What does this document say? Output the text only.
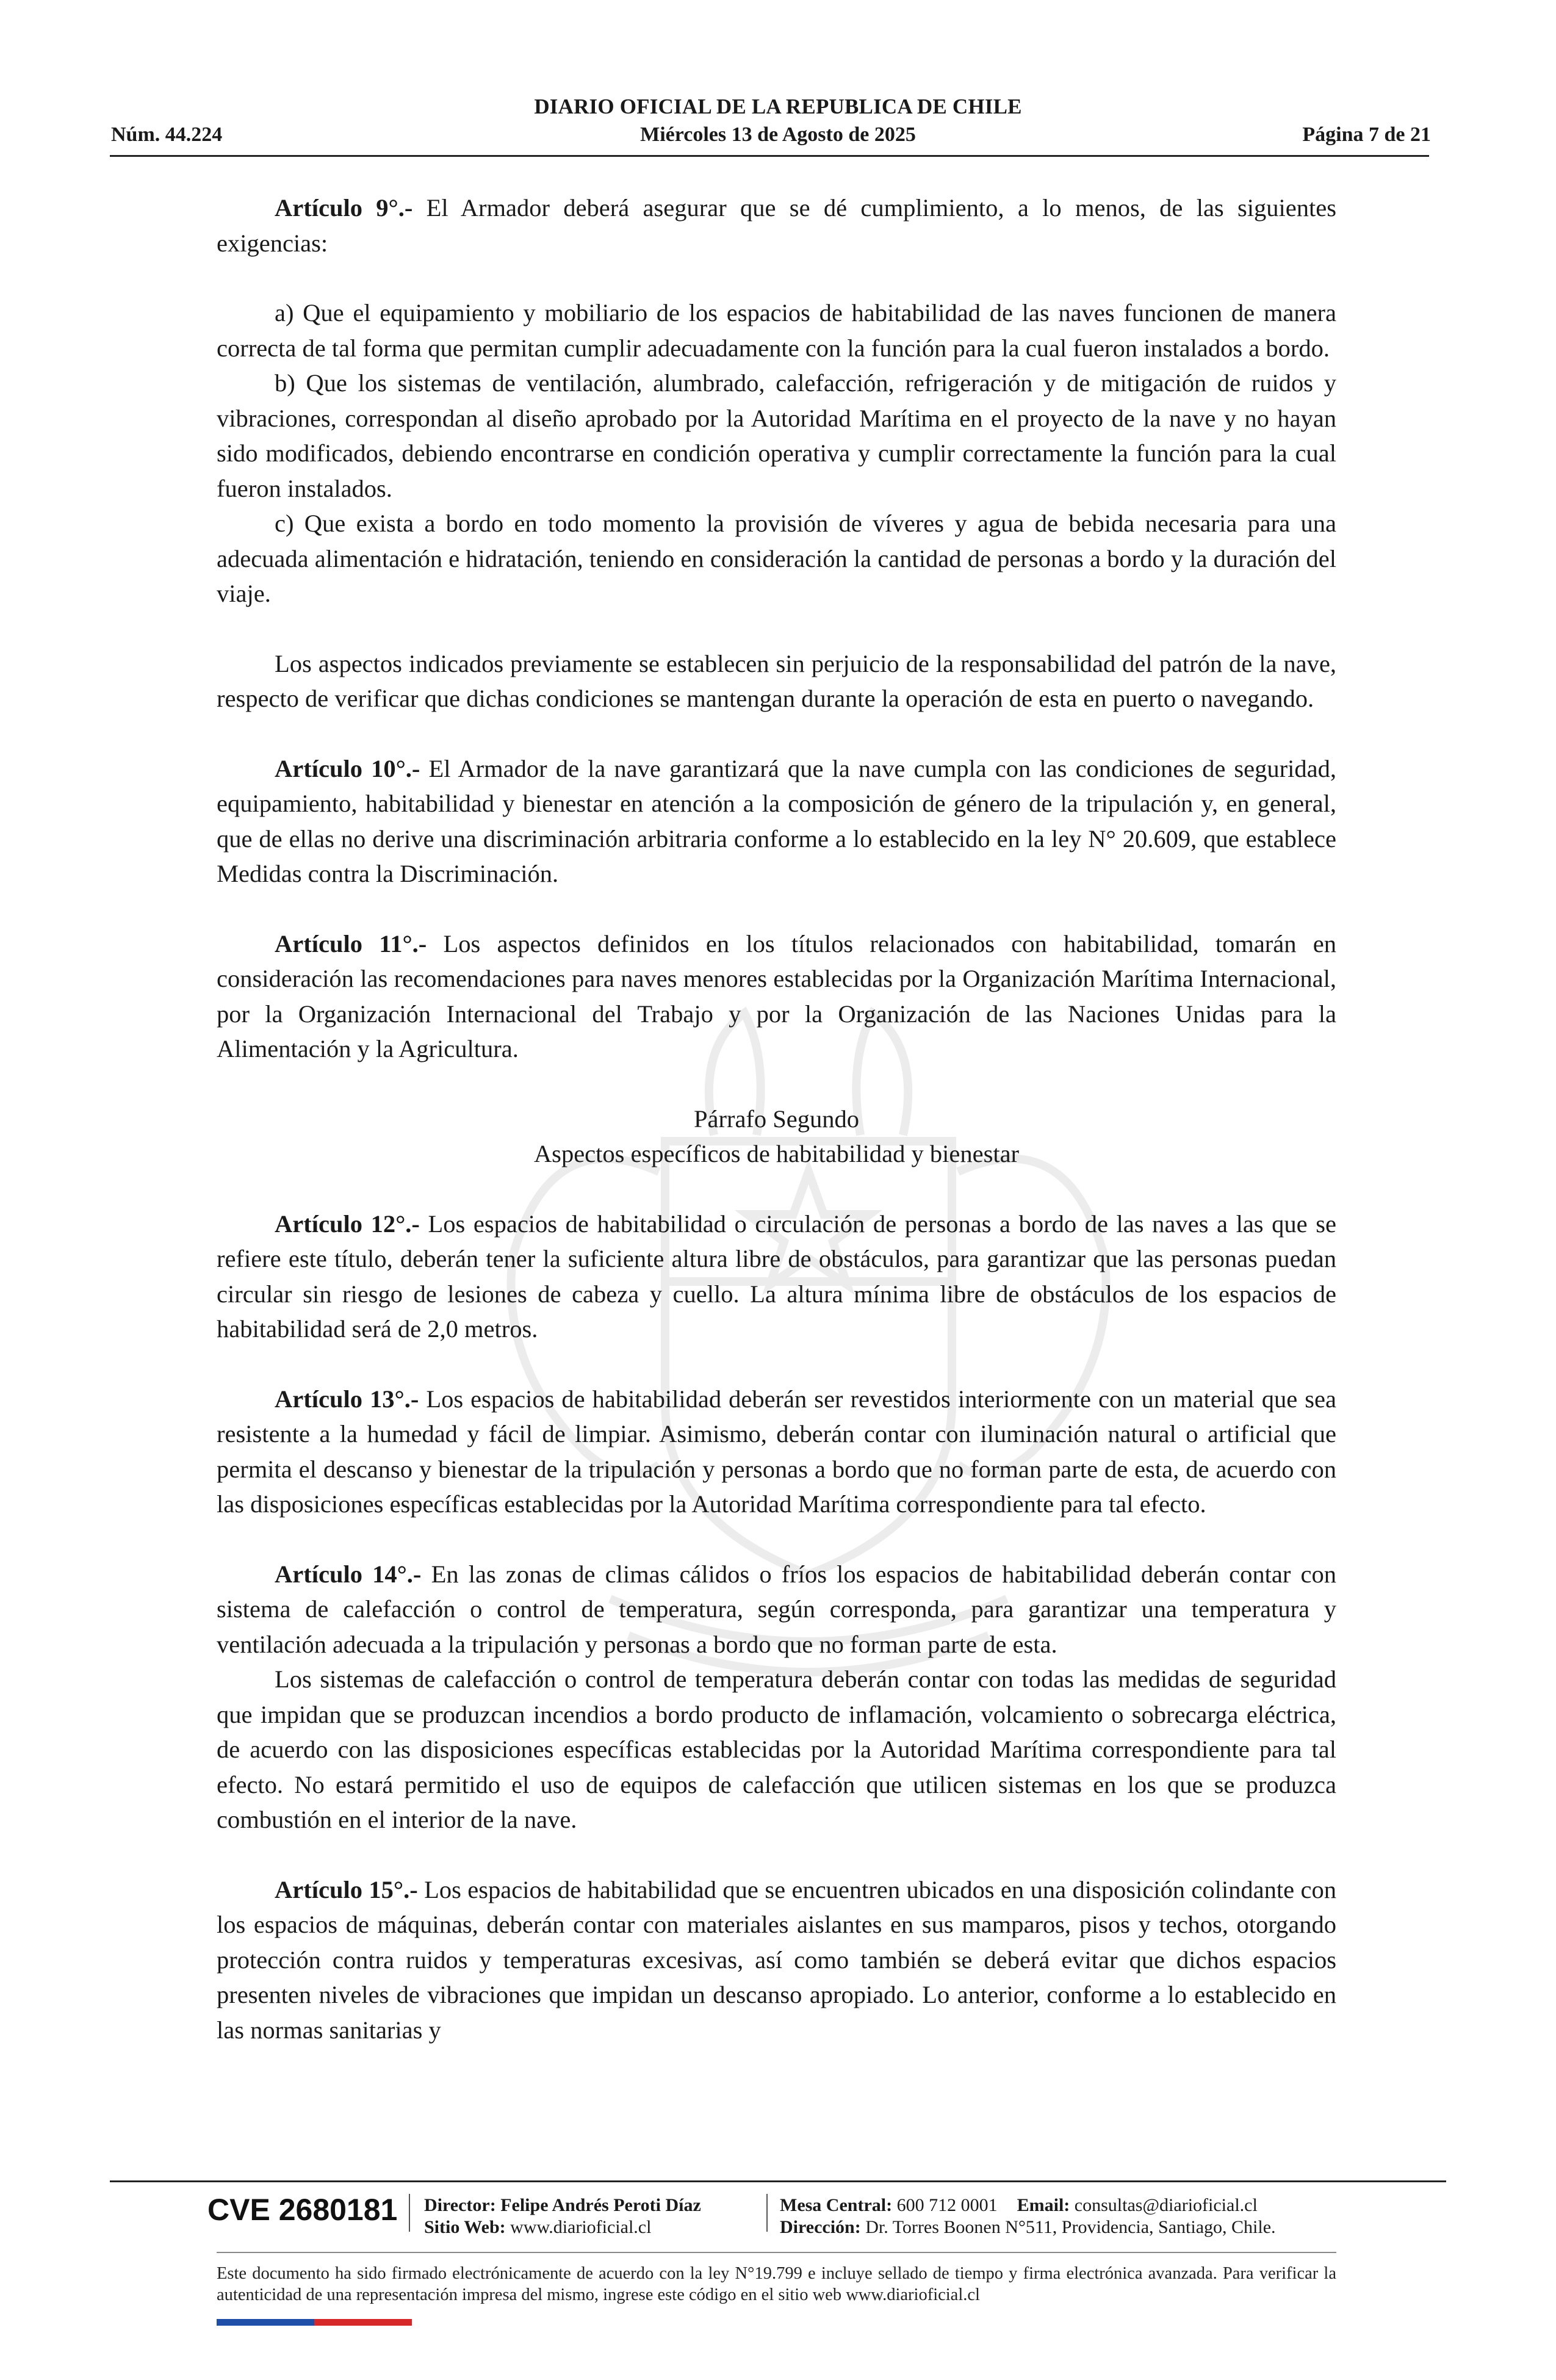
DIARIO OFICIAL DE LA REPUBLICA DE CHILE
Núm. 44.224	Miércoles 13 de Agosto de 2025	Página 7 de 21

Artículo 9°.- El Armador deberá asegurar que se dé cumplimiento, a lo menos, de las siguientes exigencias:

a) Que el equipamiento y mobiliario de los espacios de habitabilidad de las naves funcionen de manera correcta de tal forma que permitan cumplir adecuadamente con la función para la cual fueron instalados a bordo.

b) Que los sistemas de ventilación, alumbrado, calefacción, refrigeración y de mitigación de ruidos y vibraciones, correspondan al diseño aprobado por la Autoridad Marítima en el proyecto de la nave y no hayan sido modificados, debiendo encontrarse en condición operativa y cumplir correctamente la función para la cual fueron instalados.

c) Que exista a bordo en todo momento la provisión de víveres y agua de bebida necesaria para una adecuada alimentación e hidratación, teniendo en consideración la cantidad de personas a bordo y la duración del viaje.

Los aspectos indicados previamente se establecen sin perjuicio de la responsabilidad del patrón de la nave, respecto de verificar que dichas condiciones se mantengan durante la operación de esta en puerto o navegando.

Artículo 10°.- El Armador de la nave garantizará que la nave cumpla con las condiciones de seguridad, equipamiento, habitabilidad y bienestar en atención a la composición de género de la tripulación y, en general, que de ellas no derive una discriminación arbitraria conforme a lo establecido en la ley N° 20.609, que establece Medidas contra la Discriminación.

Artículo 11°.- Los aspectos definidos en los títulos relacionados con habitabilidad, tomarán en consideración las recomendaciones para naves menores establecidas por la Organización Marítima Internacional, por la Organización Internacional del Trabajo y por la Organización de las Naciones Unidas para la Alimentación y la Agricultura.

Párrafo Segundo

Aspectos específicos de habitabilidad y bienestar

Artículo 12°.- Los espacios de habitabilidad o circulación de personas a bordo de las naves a las que se refiere este título, deberán tener la suficiente altura libre de obstáculos, para garantizar que las personas puedan circular sin riesgo de lesiones de cabeza y cuello. La altura mínima libre de obstáculos de los espacios de habitabilidad será de 2,0 metros.

Artículo 13°.- Los espacios de habitabilidad deberán ser revestidos interiormente con un material que sea resistente a la humedad y fácil de limpiar. Asimismo, deberán contar con iluminación natural o artificial que permita el descanso y bienestar de la tripulación y personas a bordo que no forman parte de esta, de acuerdo con las disposiciones específicas establecidas por la Autoridad Marítima correspondiente para tal efecto.

Artículo 14°.- En las zonas de climas cálidos o fríos los espacios de habitabilidad deberán contar con sistema de calefacción o control de temperatura, según corresponda, para garantizar una temperatura y ventilación adecuada a la tripulación y personas a bordo que no forman parte de esta.

Los sistemas de calefacción o control de temperatura deberán contar con todas las medidas de seguridad que impidan que se produzcan incendios a bordo producto de inflamación, volcamiento o sobrecarga eléctrica, de acuerdo con las disposiciones específicas establecidas por la Autoridad Marítima correspondiente para tal efecto. No estará permitido el uso de equipos de calefacción que utilicen sistemas en los que se produzca combustión en el interior de la nave.

Artículo 15°.- Los espacios de habitabilidad que se encuentren ubicados en una disposición colindante con los espacios de máquinas, deberán contar con materiales aislantes en sus mamparos, pisos y techos, otorgando protección contra ruidos y temperaturas excesivas, así como también se deberá evitar que dichos espacios presenten niveles de vibraciones que impidan un descanso apropiado. Lo anterior, conforme a lo establecido en las normas sanitarias y

CVE 2680181 Director: Felipe Andrés Peroti Díaz
Sitio Web: www.diarioficial.cl
Mesa Central: 600 712 0001 Email: consultas@diarioficial.cl
Dirección: Dr. Torres Boonen N°511, Providencia, Santiago, Chile.
Este documento ha sido firmado electrónicamente de acuerdo con la ley N°19.799 e incluye sellado de tiempo y firma electrónica avanzada. Para verificar la autenticidad de una representación impresa del mismo, ingrese este código en el sitio web www.diarioficial.cl
